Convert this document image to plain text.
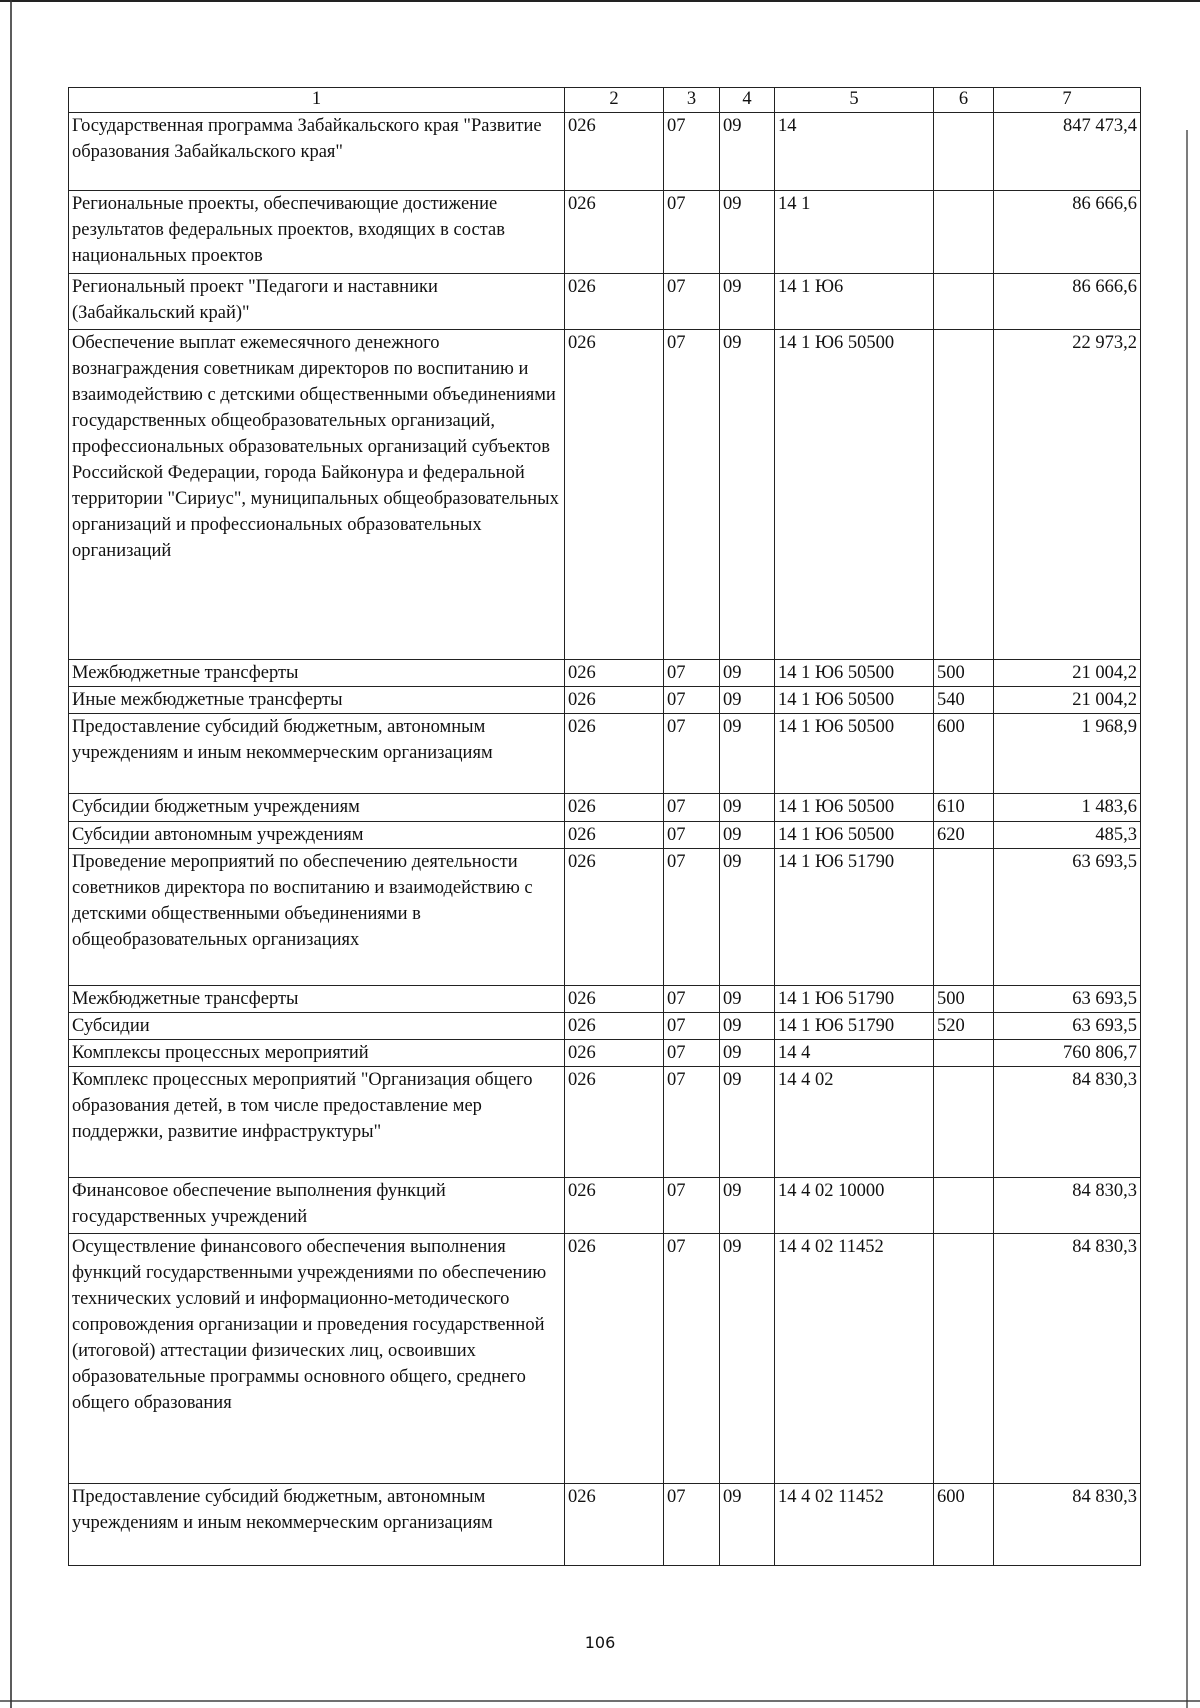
1	2	3	4	5	6	7
Государственная программа Забайкальского края "Развитие образования Забайкальского края"	026	07	09	14		847 473,4
Региональные проекты, обеспечивающие достижение результатов федеральных проектов, входящих в состав национальных проектов	026	07	09	14 1		86 666,6
Региональный проект "Педагоги и наставники (Забайкальский край)"	026	07	09	14 1 Ю6		86 666,6
Обеспечение выплат ежемесячного денежного вознаграждения советникам директоров по воспитанию и взаимодействию с детскими общественными объединениями государственных общеобразовательных организаций, профессиональных образовательных организаций субъектов Российской Федерации, города Байконура и федеральной территории "Сириус", муниципальных общеобразовательных организаций и профессиональных образовательных организаций	026	07	09	14 1 Ю6 50500		22 973,2
Межбюджетные трансферты	026	07	09	14 1 Ю6 50500	500	21 004,2
Иные межбюджетные трансферты	026	07	09	14 1 Ю6 50500	540	21 004,2
Предоставление субсидий бюджетным, автономным учреждениям и иным некоммерческим организациям	026	07	09	14 1 Ю6 50500	600	1 968,9
Субсидии бюджетным учреждениям	026	07	09	14 1 Ю6 50500	610	1 483,6
Субсидии автономным учреждениям	026	07	09	14 1 Ю6 50500	620	485,3
Проведение мероприятий по обеспечению деятельности советников директора по воспитанию и взаимодействию с детскими общественными объединениями в общеобразовательных организациях	026	07	09	14 1 Ю6 51790		63 693,5
Межбюджетные трансферты	026	07	09	14 1 Ю6 51790	500	63 693,5
Субсидии	026	07	09	14 1 Ю6 51790	520	63 693,5
Комплексы процессных мероприятий	026	07	09	14 4		760 806,7
Комплекс процессных мероприятий "Организация общего образования детей, в том числе предоставление мер поддержки, развитие инфраструктуры"	026	07	09	14 4 02		84 830,3
Финансовое обеспечение выполнения функций государственных учреждений	026	07	09	14 4 02 10000		84 830,3
Осуществление финансового обеспечения выполнения функций государственными учреждениями по обеспечению технических условий и информационно-методического сопровождения организации и проведения государственной (итоговой) аттестации физических лиц, освоивших образовательные программы основного общего, среднего общего образования	026	07	09	14 4 02 11452		84 830,3
Предоставление субсидий бюджетным, автономным учреждениям и иным некоммерческим организациям	026	07	09	14 4 02 11452	600	84 830,3
106
